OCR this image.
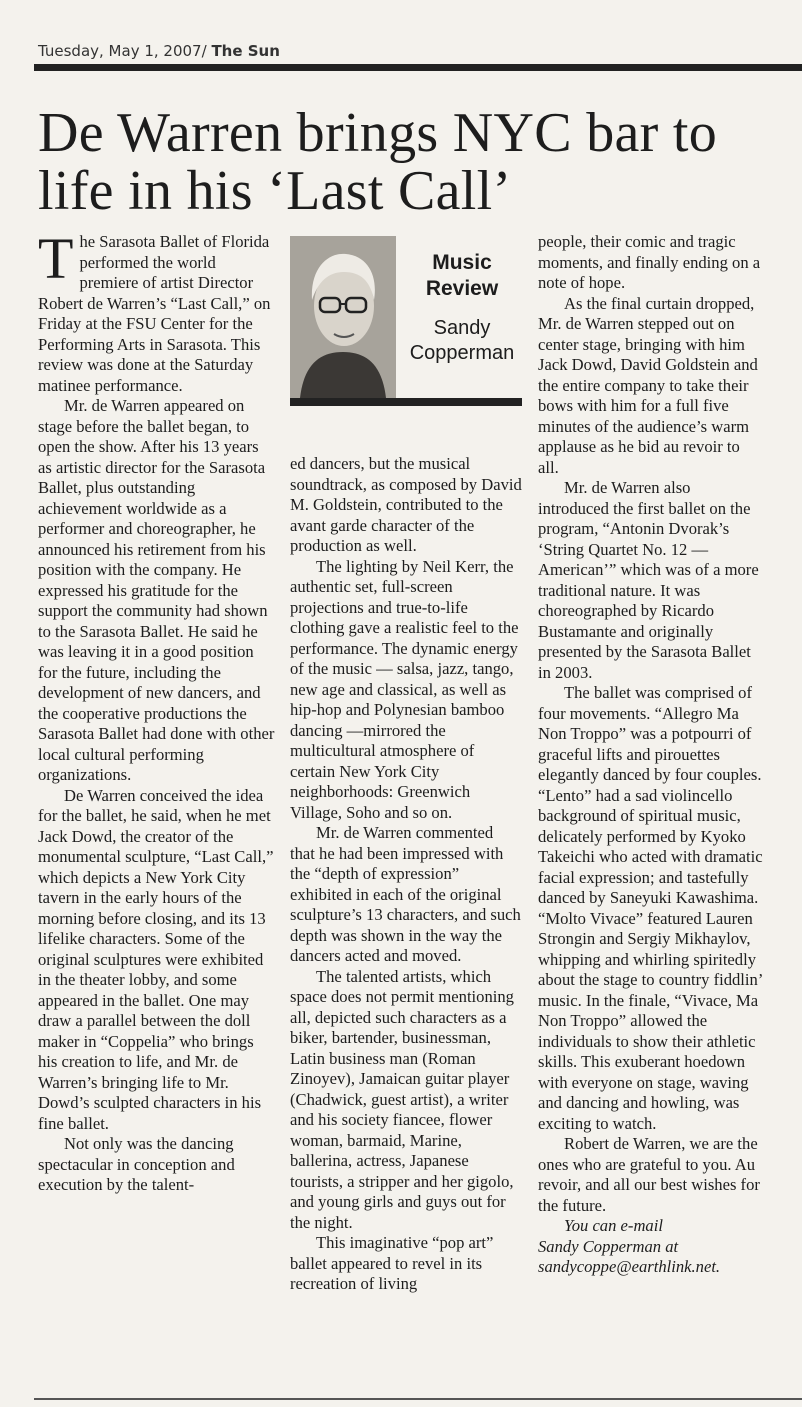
Tuesday, May 1, 2007/ The Sun
De Warren brings NYC bar to life in his ‘Last Call’

The Sarasota Ballet of Florida performed the world premiere of artist Director Robert de Warren’s “Last Call,” on Friday at the FSU Center for the Performing Arts in Sarasota. This review was done at the Saturday matinee performance.

Mr. de Warren appeared on stage before the ballet began, to open the show. After his 13 years as artistic director for the Sarasota Ballet, plus outstanding achievement worldwide as a performer and choreographer, he announced his retirement from his position with the company. He expressed his gratitude for the support the community had shown to the Sarasota Ballet. He said he was leaving it in a good position for the future, including the development of new dancers, and the cooperative productions the Sarasota Ballet had done with other local cultural performing organizations.

De Warren conceived the idea for the ballet, he said, when he met Jack Dowd, the creator of the monumental sculpture, “Last Call,” which depicts a New York City tavern in the early hours of the morning before closing, and its 13 lifelike characters. Some of the original sculptures were exhibited in the theater lobby, and some appeared in the ballet. One may draw a parallel between the doll maker in “Coppelia” who brings his creation to life, and Mr. de Warren’s bringing life to Mr. Dowd’s sculpted characters in his fine ballet.

Not only was the dancing spectacular in conception and execution by the talent-

Music Review
Sandy Copperman

ed dancers, but the musical soundtrack, as composed by David M. Goldstein, contributed to the avant garde character of the production as well.

The lighting by Neil Kerr, the authentic set, full-screen projections and true-to-life clothing gave a realistic feel to the performance. The dynamic energy of the music — salsa, jazz, tango, new age and classical, as well as hip-hop and Polynesian bamboo dancing —mirrored the multicultural atmosphere of certain New York City neighborhoods: Greenwich Village, Soho and so on.

Mr. de Warren commented that he had been impressed with the “depth of expression” exhibited in each of the original sculpture’s 13 characters, and such depth was shown in the way the dancers acted and moved.

The talented artists, which space does not permit mentioning all, depicted such characters as a biker, bartender, businessman, Latin business man (Roman Zinoyev), Jamaican guitar player (Chadwick, guest artist), a writer and his society fiancee, flower woman, barmaid, Marine, ballerina, actress, Japanese tourists, a stripper and her gigolo, and young girls and guys out for the night.

This imaginative “pop art” ballet appeared to revel in its recreation of living

people, their comic and tragic moments, and finally ending on a note of hope.

As the final curtain dropped, Mr. de Warren stepped out on center stage, bringing with him Jack Dowd, David Goldstein and the entire company to take their bows with him for a full five minutes of the audience’s warm applause as he bid au revoir to all.

Mr. de Warren also introduced the first ballet on the program, “Antonin Dvorak’s ‘String Quartet No. 12 — American’” which was of a more traditional nature. It was choreographed by Ricardo Bustamante and originally presented by the Sarasota Ballet in 2003.

The ballet was comprised of four movements. “Allegro Ma Non Troppo” was a potpourri of graceful lifts and pirouettes elegantly danced by four couples. “Lento” had a sad violincello background of spiritual music, delicately performed by Kyoko Takeichi who acted with dramatic facial expression; and tastefully danced by Saneyuki Kawashima. “Molto Vivace” featured Lauren Strongin and Sergiy Mikhaylov, whipping and whirling spiritedly about the stage to country fiddlin’ music. In the finale, “Vivace, Ma Non Troppo” allowed the individuals to show their athletic skills. This exuberant hoedown with everyone on stage, waving and dancing and howling, was exciting to watch.

Robert de Warren, we are the ones who are grateful to you. Au revoir, and all our best wishes for the future.

You can e-mail

Sandy Copperman at

sandycoppe@earthlink.net.
